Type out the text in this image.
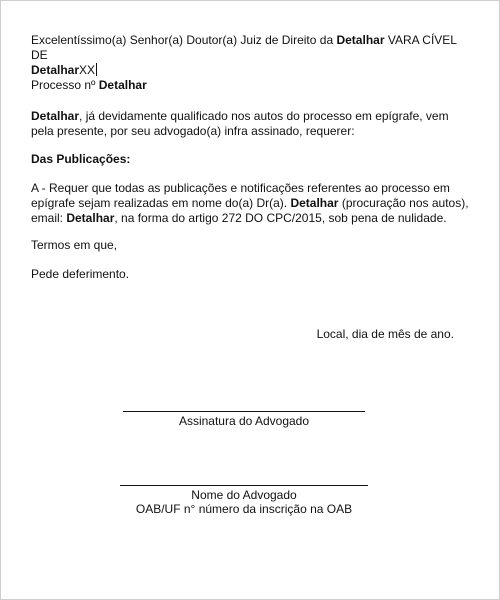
Excelentíssimo(a) Senhor(a) Doutor(a) Juiz de Direito da Detalhar VARA CÍVEL DE
DetalharXX

Processo nº Detalhar

Detalhar, já devidamente qualificado nos autos do processo em epígrafe, vem pela presente, por seu advogado(a) infra assinado, requerer:

Das Publicações:

A - Requer que todas as publicações e notificações referentes ao processo em epígrafe sejam realizadas em nome do(a) Dr(a). Detalhar (procuração nos autos), email: Detalhar, na forma do artigo 272 DO CPC/2015, sob pena de nulidade.

Termos em que,

Pede deferimento.

Local, dia de mês de ano.

Assinatura do Advogado

Nome do Advogado

OAB/UF n° número da inscrição na OAB
